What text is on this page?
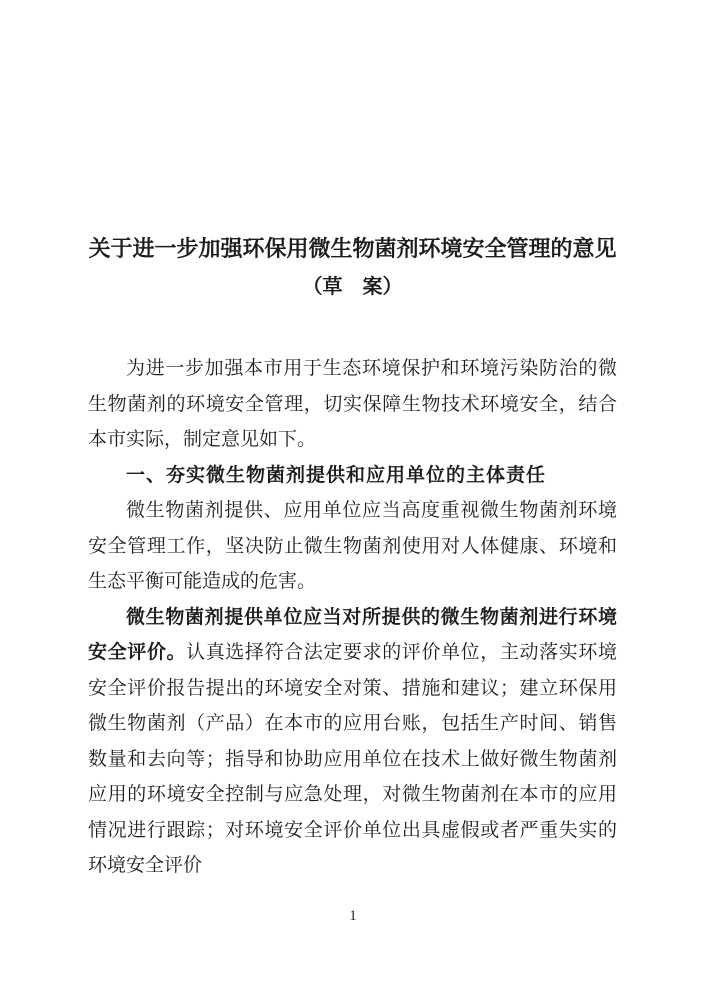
关于进一步加强环保用微生物菌剂环境安全管理的意见
（草　案）

为进一步加强本市用于生态环境保护和环境污染防治的微生物菌剂的环境安全管理，切实保障生物技术环境安全，结合本市实际，制定意见如下。

一、夯实微生物菌剂提供和应用单位的主体责任

微生物菌剂提供、应用单位应当高度重视微生物菌剂环境安全管理工作，坚决防止微生物菌剂使用对人体健康、环境和生态平衡可能造成的危害。

微生物菌剂提供单位应当对所提供的微生物菌剂进行环境安全评价。认真选择符合法定要求的评价单位，主动落实环境安全评价报告提出的环境安全对策、措施和建议；建立环保用微生物菌剂（产品）在本市的应用台账，包括生产时间、销售数量和去向等；指导和协助应用单位在技术上做好微生物菌剂应用的环境安全控制与应急处理，对微生物菌剂在本市的应用情况进行跟踪；对环境安全评价单位出具虚假或者严重失实的环境安全评价

1
